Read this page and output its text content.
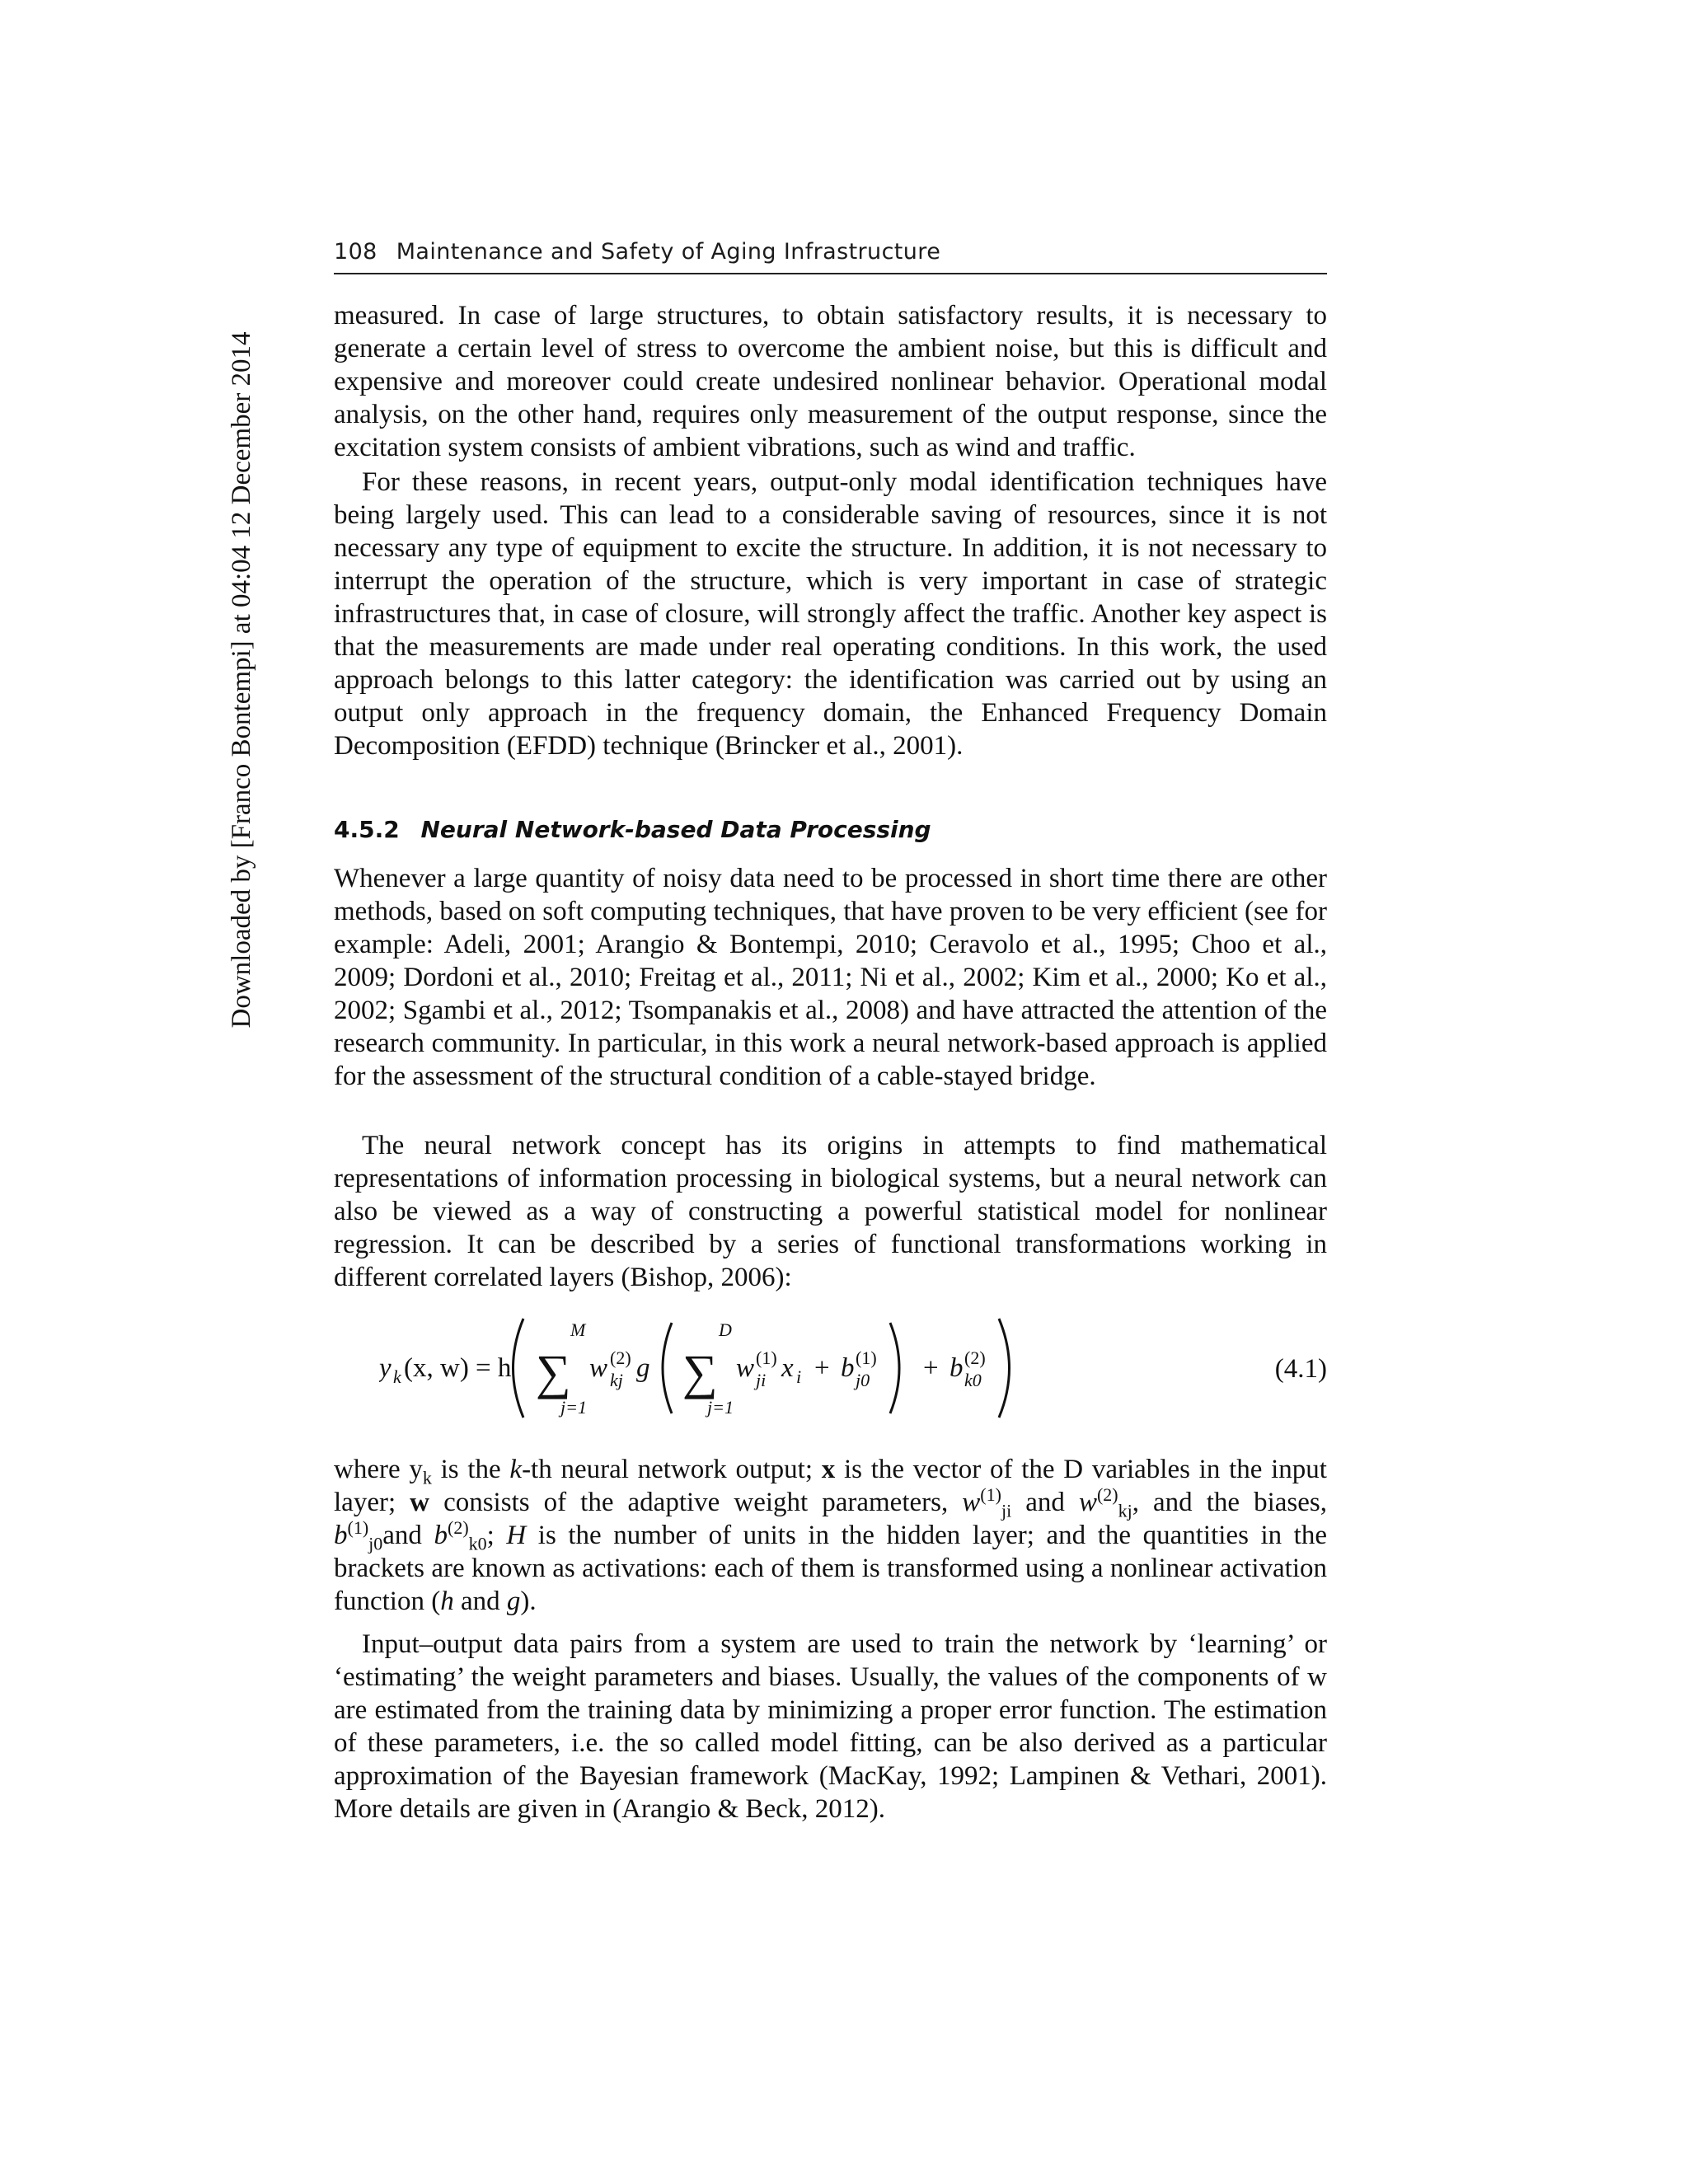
108 Maintenance and Safety of Aging Infrastructure
Downloaded by [Franco Bontempi] at 04:04 12 December 2014

measured. In case of large structures, to obtain satisfactory results, it is necessary to generate a certain level of stress to overcome the ambient noise, but this is difficult and expensive and moreover could create undesired nonlinear behavior. Operational modal analysis, on the other hand, requires only measurement of the output response, since the excitation system consists of ambient vibrations, such as wind and traffic.

For these reasons, in recent years, output-only modal identification techniques have being largely used. This can lead to a considerable saving of resources, since it is not necessary any type of equipment to excite the structure. In addition, it is not necessary to interrupt the operation of the structure, which is very important in case of strategic infrastructures that, in case of closure, will strongly affect the traffic. Another key aspect is that the measurements are made under real operating conditions. In this work, the used approach belongs to this latter category: the identification was carried out by using an output only approach in the frequency domain, the Enhanced Frequency Domain Decomposition (EFDD) technique (Brincker et al., 2001).

4.5.2 Neural Network-based Data Processing

Whenever a large quantity of noisy data need to be processed in short time there are other methods, based on soft computing techniques, that have proven to be very efficient (see for example: Adeli, 2001; Arangio & Bontempi, 2010; Ceravolo et al., 1995; Choo et al., 2009; Dordoni et al., 2010; Freitag et al., 2011; Ni et al., 2002; Kim et al., 2000; Ko et al., 2002; Sgambi et al., 2012; Tsompanakis et al., 2008) and have attracted the attention of the research community. In particular, in this work a neural network-based approach is applied for the assessment of the structural condition of a cable-stayed bridge.

The neural network concept has its origins in attempts to find mathematical representations of information processing in biological systems, but a neural network can also be viewed as a way of constructing a powerful statistical model for nonlinear regression. It can be described by a series of functional transformations working in different correlated layers (Bishop, 2006):

y k (x, w) = h
M
∑
j=1
w (2)
kj g
D
∑
j=1
w (1)
ji x i + b (1)
j0 + b (2)
k0	(4.1)

where $y_k$ is the k-th neural network output; x is the vector of the D variables in the input layer; w consists of the adaptive weight parameters, $w^{(1)}_{ji}$ and $w^{(2)}_{kj}$, and the biases, $b^{(1)}_{j0}and$ $b^{(2)}_{k0}$; H is the number of units in the hidden layer; and the quantities in the brackets are known as activations: each of them is transformed using a nonlinear activation function (h and g).

Input–output data pairs from a system are used to train the network by ‘learning’ or ‘estimating’ the weight parameters and biases. Usually, the values of the components of w are estimated from the training data by minimizing a proper error function. The estimation of these parameters, i.e. the so called model fitting, can be also derived as a particular approximation of the Bayesian framework (MacKay, 1992; Lampinen & Vethari, 2001). More details are given in (Arangio & Beck, 2012).
